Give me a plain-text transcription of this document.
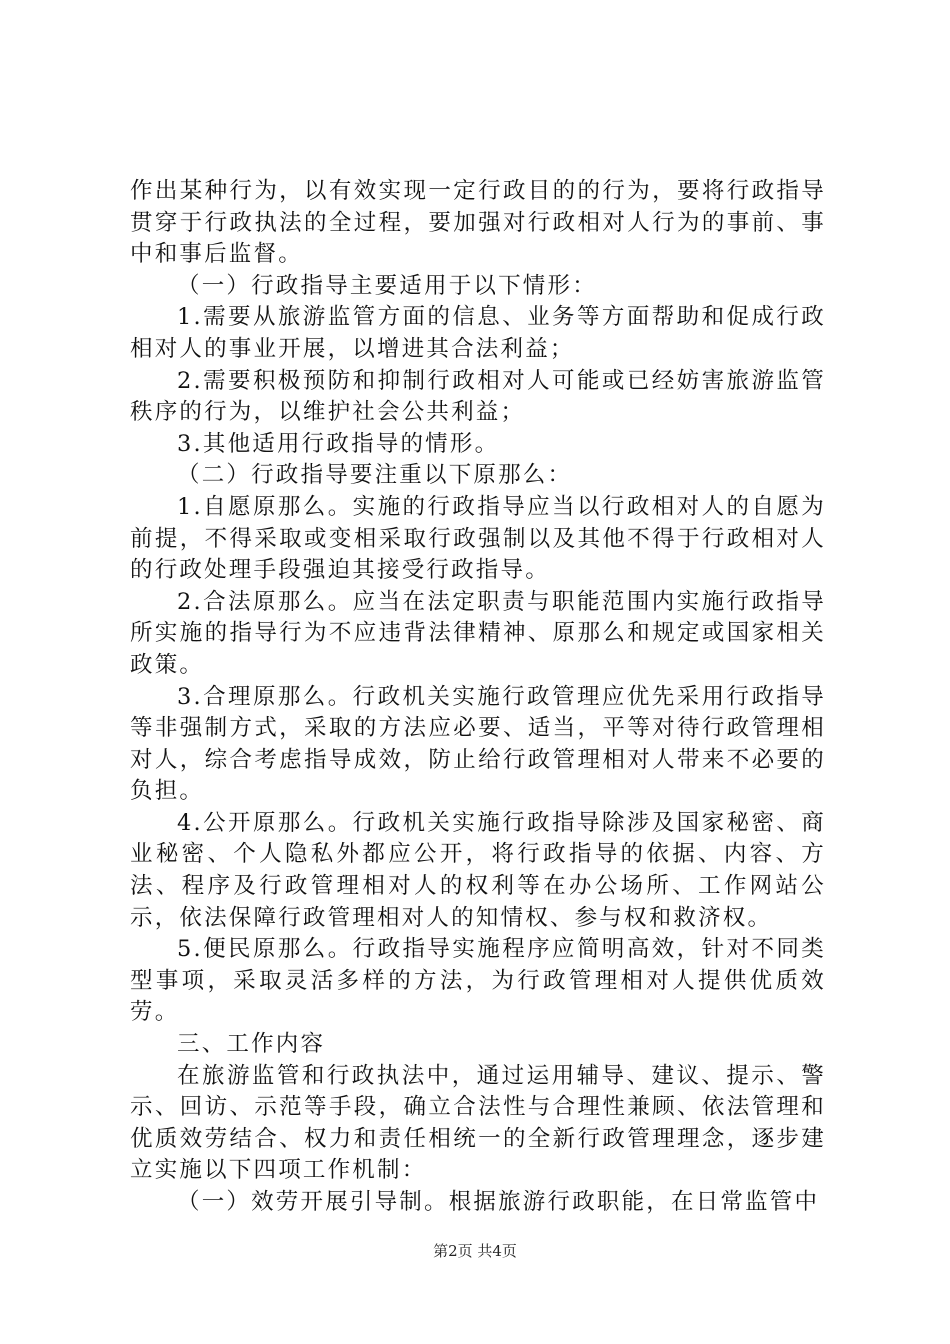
作出某种行为，以有效实现一定行政目的的行为，要将行政指导贯穿于行政执法的全过程，要加强对行政相对人行为的事前、事中和事后监督。

（一）行政指导主要适用于以下情形：

1.需要从旅游监管方面的信息、业务等方面帮助和促成行政相对人的事业开展，以增进其合法利益；

2.需要积极预防和抑制行政相对人可能或已经妨害旅游监管秩序的行为，以维护社会公共利益；

3.其他适用行政指导的情形。

（二）行政指导要注重以下原那么：

1.自愿原那么。实施的行政指导应当以行政相对人的自愿为前提，不得采取或变相采取行政强制以及其他不得于行政相对人的行政处理手段强迫其接受行政指导。

2.合法原那么。应当在法定职责与职能范围内实施行政指导所实施的指导行为不应违背法律精神、原那么和规定或国家相关政策。

3.合理原那么。行政机关实施行政管理应优先采用行政指导等非强制方式，采取的方法应必要、适当，平等对待行政管理相对人，综合考虑指导成效，防止给行政管理相对人带来不必要的负担。

4.公开原那么。行政机关实施行政指导除涉及国家秘密、商业秘密、个人隐私外都应公开，将行政指导的依据、内容、方法、程序及行政管理相对人的权利等在办公场所、工作网站公示，依法保障行政管理相对人的知情权、参与权和救济权。

5.便民原那么。行政指导实施程序应简明高效，针对不同类型事项，采取灵活多样的方法，为行政管理相对人提供优质效劳。

三、工作内容

在旅游监管和行政执法中，通过运用辅导、建议、提示、警示、回访、示范等手段，确立合法性与合理性兼顾、依法管理和优质效劳结合、权力和责任相统一的全新行政管理理念，逐步建立实施以下四项工作机制：

（一）效劳开展引导制。根据旅游行政职能，在日常监管中

第2页 共4页
